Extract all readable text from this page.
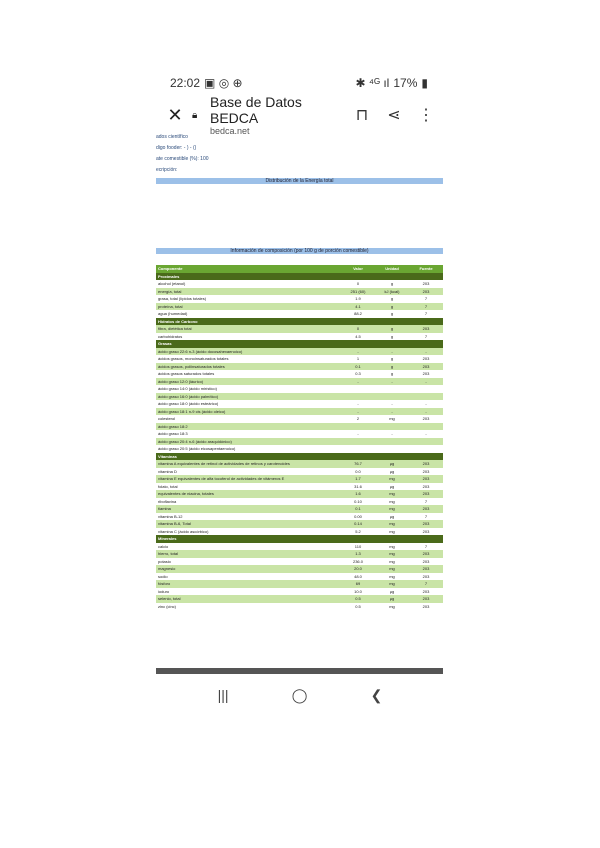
22:02 ▣ ◎ ⊕	✱ ⁴ᴳ ıl 17% ▮
✕ 🔒︎
Base de Datos BEDCA
bedca.net
⊓	⋖	⋮
ados científico
digo fooder: - ) - ()
ate comestible (%): 100
ecripción:
Distribución de la Energía total
Información de composición (por 100 g de porción comestible)
Componente	Valor	Unidad	Fuente
Proximales			
alcohol (etanol)	0	g	203
energía, total	251 (60)	kJ (kcal)	203
grasa, total (lípidos totales)	1.9	g	7
proteína, total	4.1	g	7
agua (humedad)	88.2	g	7
Hidratos de Carbono			
fibra, dietética total	0	g	203
carbohidratos	4.5	g	7
Grasas			
ácido graso 22:6 n-3 (ácido docosahexaenoico)	-	-	-
ácidos grasos, monoinsaturados totales	1	g	203
ácidos grasos, poliinsaturados totales	0.1	g	203
ácidos grasos saturados totales	0.3	g	203
ácido graso 12:0 (láurico)	-	-	-
ácido graso 14:0 (ácido mirístico)			
ácido graso 16:0 (ácido palmítico)			
ácido graso 18:0 (ácido esteárico)	-	-	-
ácido graso 18:1 n-9 cis (ácido oleico)	-	-	-
colesterol	2	mg	203
ácido graso 18:2			
ácido graso 18:3	-	-	-
ácido graso 20:4 n-6 (ácido araquidónico)			
ácido graso 20:5 (ácido eicosapentaenoico)			
Vitaminas			
vitamina A equivalentes de retinol de actividades de retinos y carotenoides	76.7	µg	203
vitamina D	0.0	µg	203
vitamina E equivalentes de alfa tocoferol de actividades de vitámeros E	1.7	mg	203
folato, total	31.6	µg	203
equivalentes de niacina, totales	1.6	mg	203
riboflavina	0.10	mg	7
tiamina	0.1	mg	203
vitamina B-12	0.00	µg	7
vitamina B-6, Total	0.14	mg	203
vitamina C (ácido ascórbico)	5.2	mg	203
Minerales			
calcio	110	mg	7
hierro, total	1.3	mg	203
potasio	236.0	mg	203
magnesio	20.0	mg	203
sodio	48.0	mg	203
fósforo	69	mg	7
ioduro	10.0	µg	203
selenio, total	0.5	µg	203
zinc (cinc)	0.5	mg	203
|||	◯	❮
